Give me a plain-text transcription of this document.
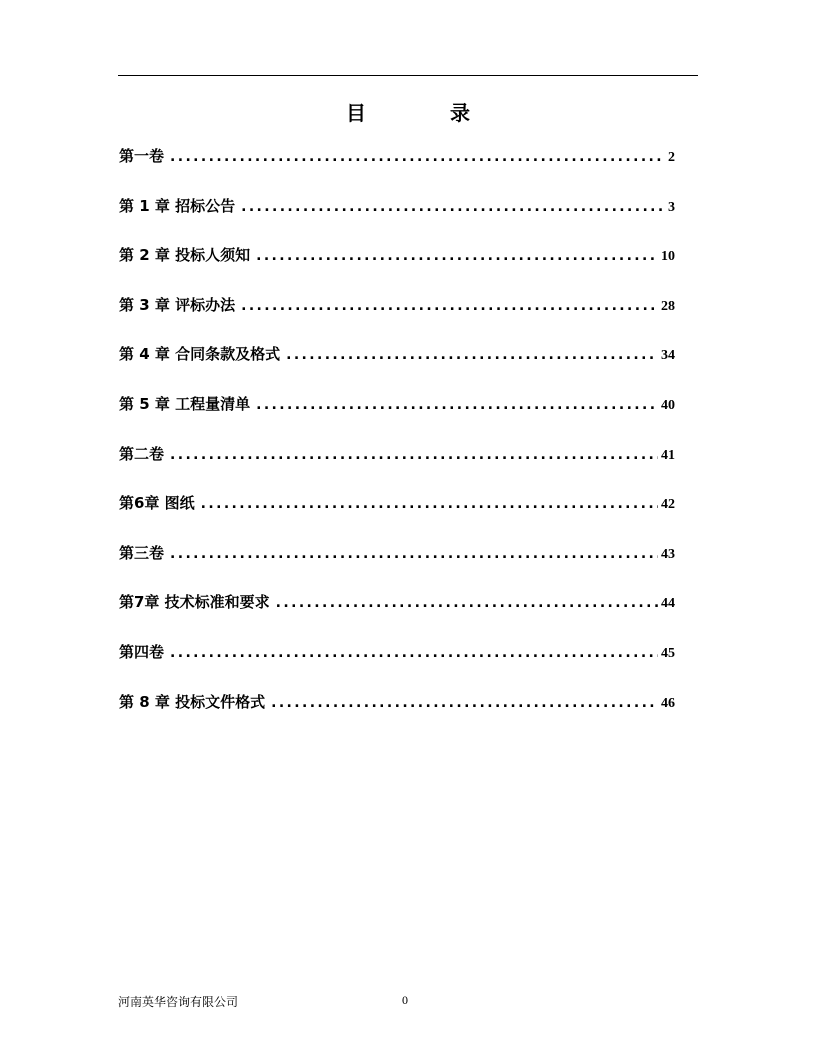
目　录
第一卷 .....	2
第 1 章 招标公告 .....	3
第 2 章 投标人须知 .....	10
第 3 章 评标办法 .....	28
第 4 章 合同条款及格式 .....	34
第 5 章 工程量清单 .....	40
第二卷 .....	41
第6章 图纸 .....	42
第三卷 .....	43
第7章 技术标准和要求 .....	44
第四卷 .....	45
第 8 章 投标文件格式 .....	46
河南英华咨询有限公司	0
